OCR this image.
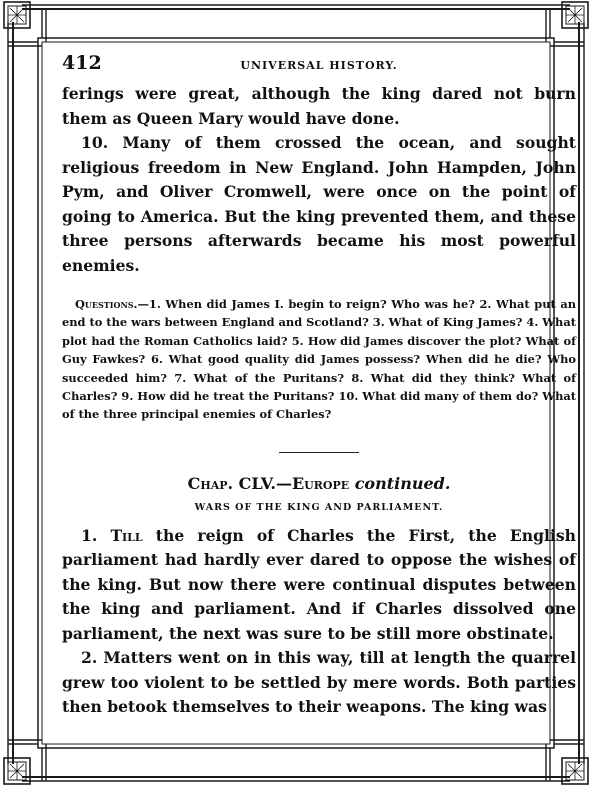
412	UNIVERSAL HISTORY.

ferings were great, although the king dared not burn them as Queen Mary would have done.

10. Many of them crossed the ocean, and sought religious freedom in New England. John Hampden, John Pym, and Oliver Cromwell, were once on the point of going to America. But the king prevented them, and these three persons afterwards became his most powerful enemies.

Questions.—1. When did James I. begin to reign? Who was he? 2. What put an end to the wars between England and Scotland? 3. What of King James? 4. What plot had the Roman Catholics laid? 5. How did James discover the plot? What of Guy Fawkes? 6. What good quality did James possess? When did he die? Who succeeded him? 7. What of the Puritans? 8. What did they think? What of Charles? 9. How did he treat the Puritans? 10. What did many of them do? What of the three principal enemies of Charles?

Chap. CLV.—Europe continued.
WARS OF THE KING AND PARLIAMENT.

1. Till the reign of Charles the First, the English parliament had hardly ever dared to oppose the wishes of the king. But now there were continual disputes between the king and parliament. And if Charles dissolved one parliament, the next was sure to be still more obstinate.

2. Matters went on in this way, till at length the quarrel grew too violent to be settled by mere words. Both parties then betook themselves to their weapons. The king was
